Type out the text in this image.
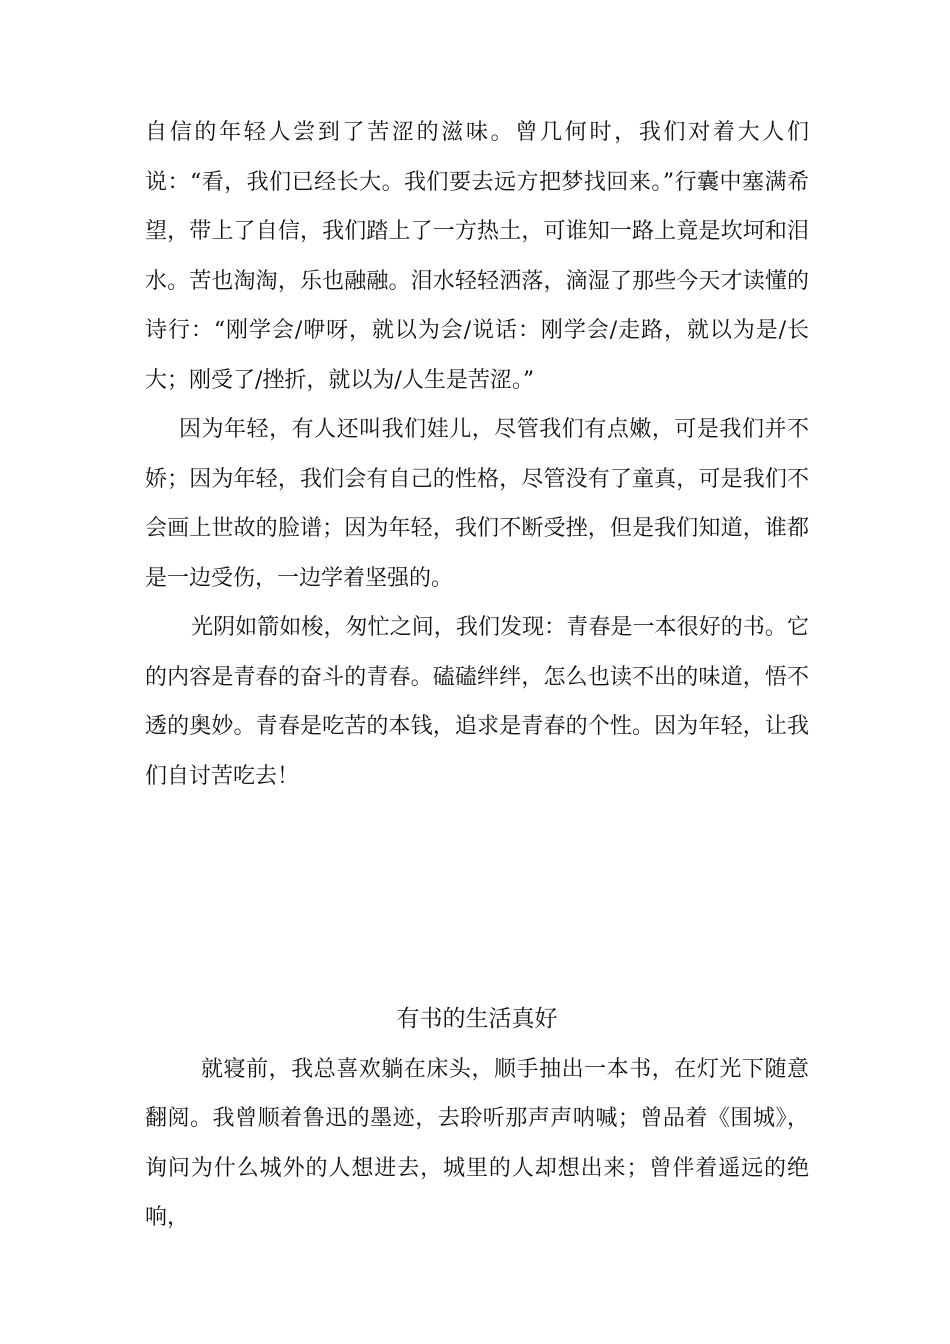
自信的年轻人尝到了苦涩的滋味。曾几何时，我们对着大人们说：“看，我们已经长大。我们要去远方把梦找回来。”行囊中塞满希望，带上了自信，我们踏上了一方热土，可谁知一路上竟是坎坷和泪水。苦也淘淘，乐也融融。泪水轻轻洒落，滴湿了那些今天才读懂的诗行：“刚学会/咿呀，就以为会/说话：刚学会/走路，就以为是/长大；刚受了/挫折，就以为/人生是苦涩。”

因为年轻，有人还叫我们娃儿，尽管我们有点嫩，可是我们并不娇；因为年轻，我们会有自己的性格，尽管没有了童真，可是我们不会画上世故的脸谱；因为年轻，我们不断受挫，但是我们知道，谁都是一边受伤，一边学着坚强的。

光阴如箭如梭，匆忙之间，我们发现：青春是一本很好的书。它的内容是青春的奋斗的青春。磕磕绊绊，怎么也读不出的味道，悟不透的奥妙。青春是吃苦的本钱，追求是青春的个性。因为年轻，让我们自讨苦吃去！

有书的生活真好

就寝前，我总喜欢躺在床头，顺手抽出一本书，在灯光下随意翻阅。我曾顺着鲁迅的墨迹，去聆听那声声呐喊；曾品着《围城》，询问为什么城外的人想进去，城里的人却想出来；曾伴着遥远的绝响，
